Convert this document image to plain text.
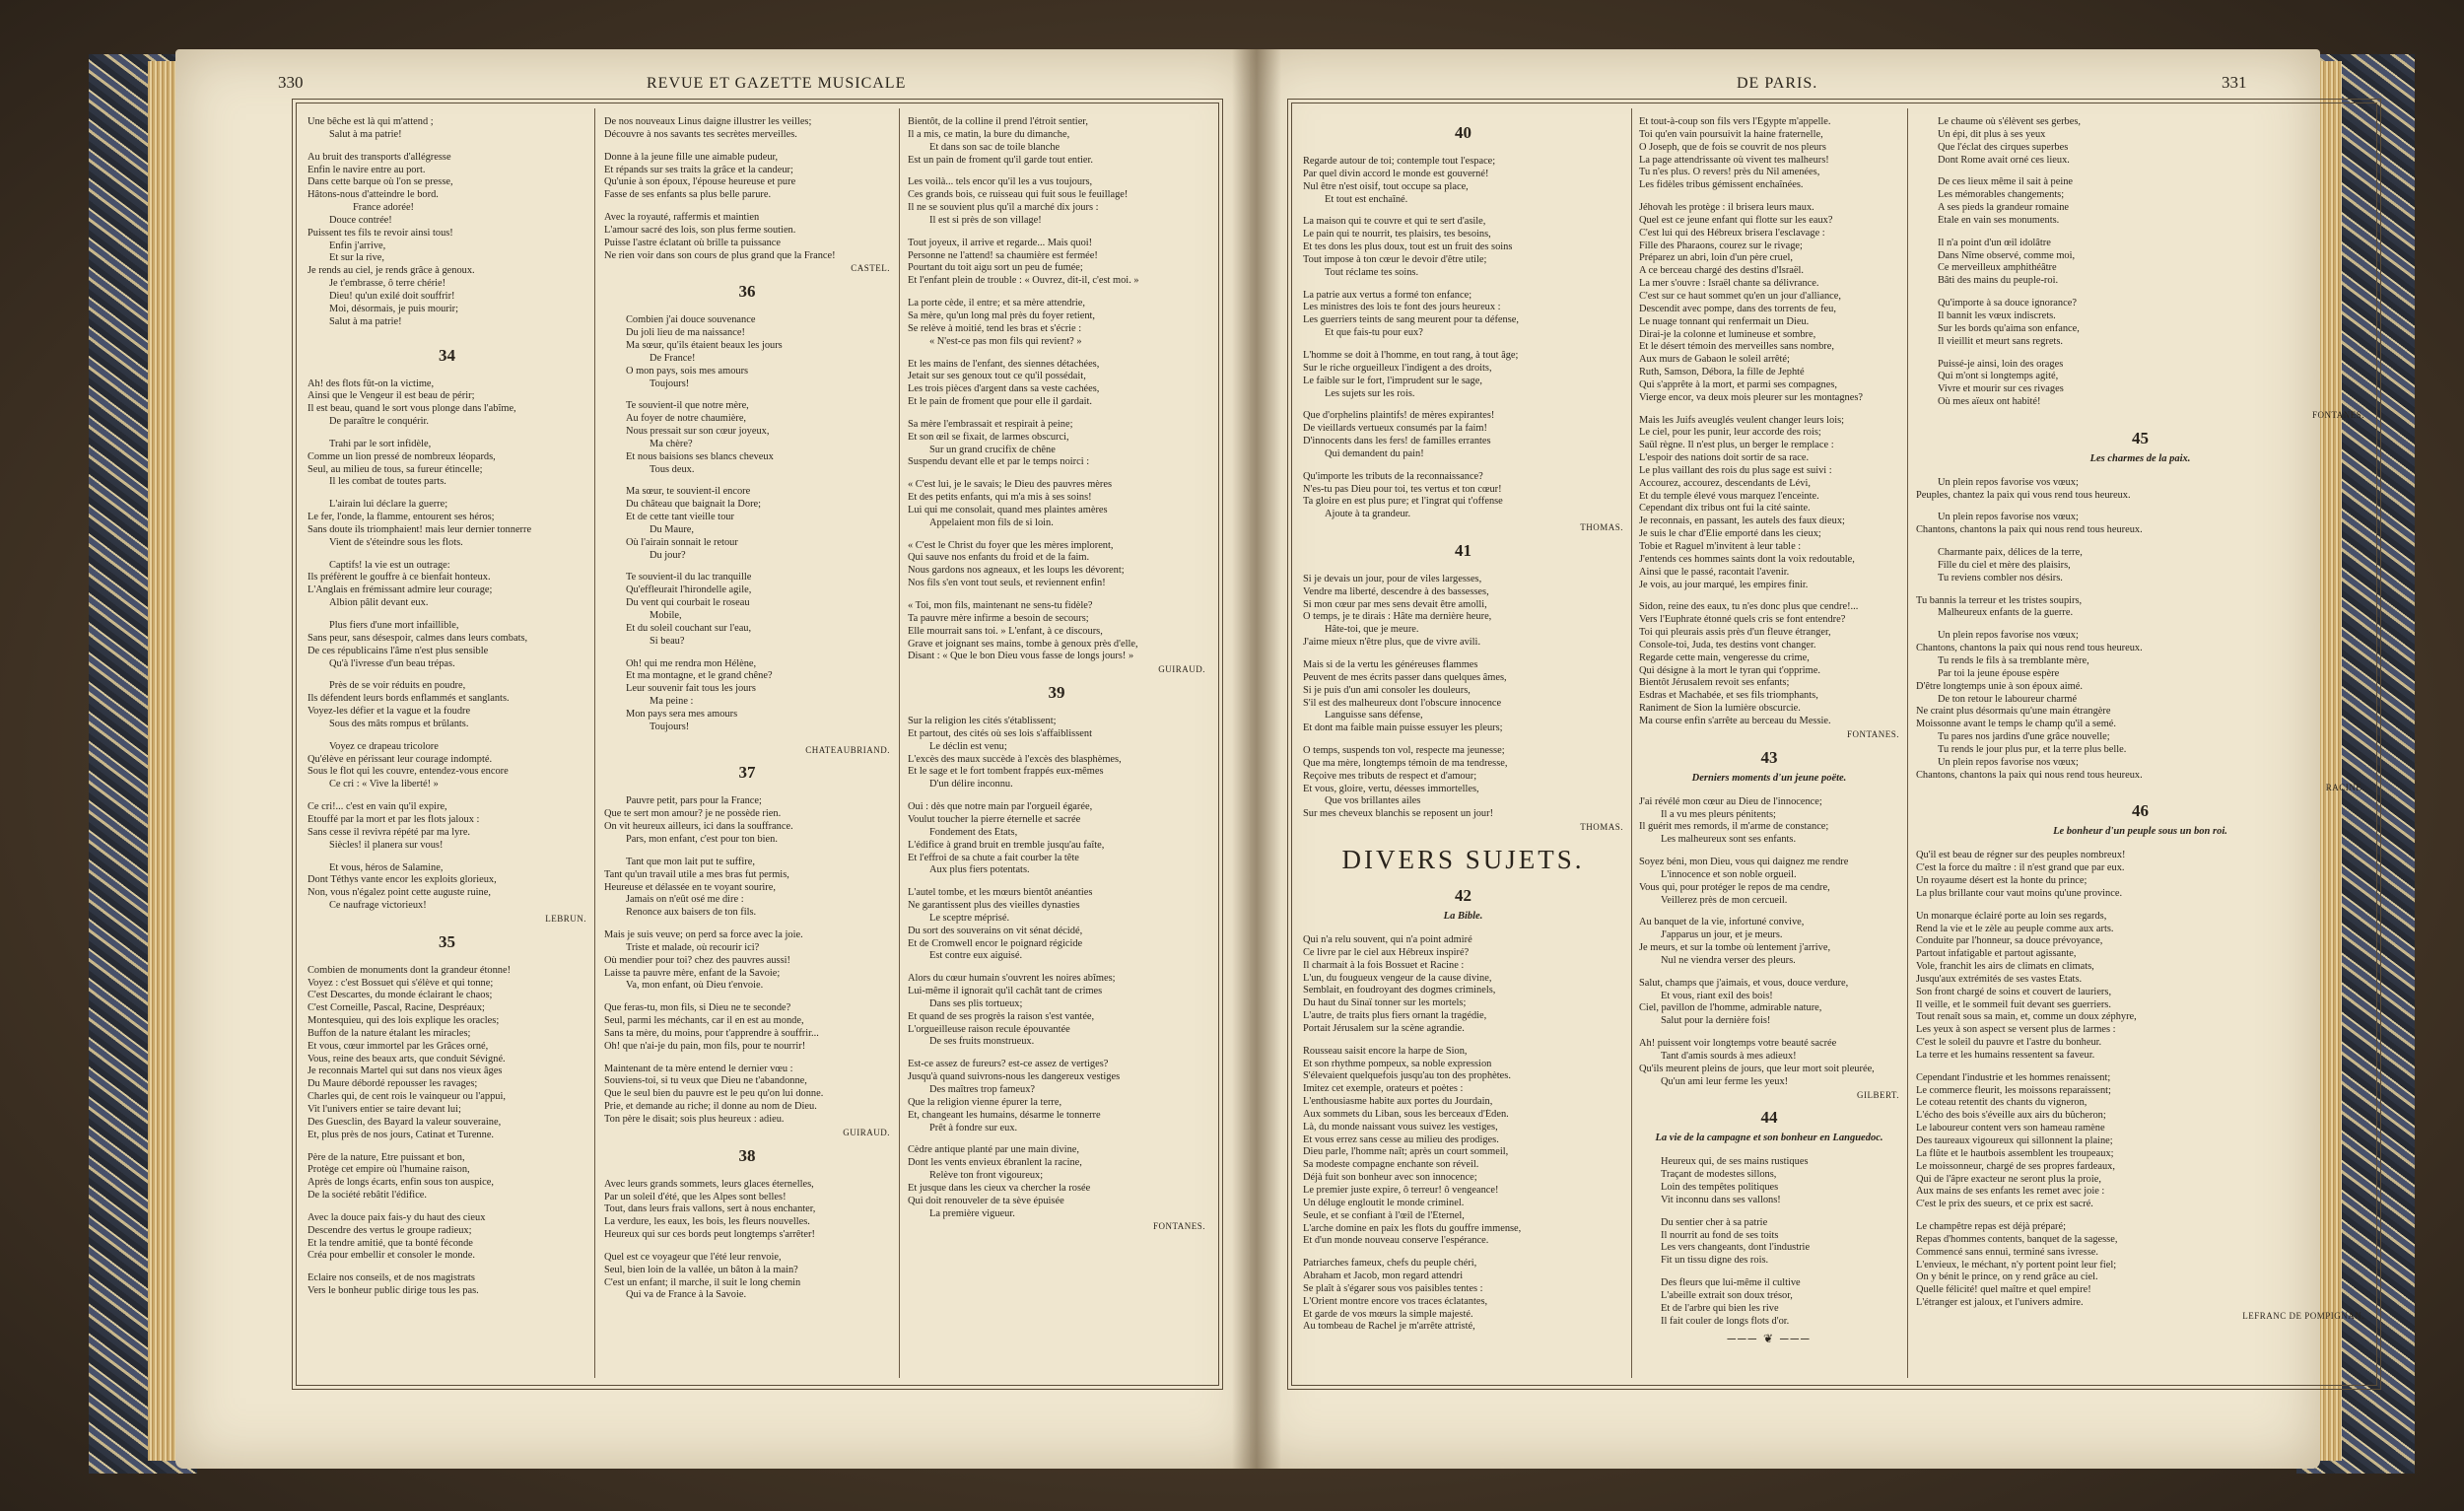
330	REVUE ET GAZETTE MUSICALE	DE PARIS.	331
Une bêche est là qui m'attend ;
Salut à ma patrie!
Au bruit des transports d'allégresse
Enfin le navire entre au port.
Dans cette barque où l'on se presse,
Hâtons-nous d'atteindre le bord.
France adorée!
Douce contrée!
Puissent tes fils te revoir ainsi tous!
Enfin j'arrive,
Et sur la rive,
Je rends au ciel, je rends grâce à genoux.
Je t'embrasse, ô terre chérie!
Dieu! qu'un exilé doit souffrir!
Moi, désormais, je puis mourir;
Salut à ma patrie!
34
Ah! des flots fût-on la victime,
Ainsi que le Vengeur il est beau de périr;
Il est beau, quand le sort vous plonge dans l'abîme,
De paraître le conquérir.
Trahi par le sort infidèle,
Comme un lion pressé de nombreux léopards,
Seul, au milieu de tous, sa fureur étincelle;
Il les combat de toutes parts.
L'airain lui déclare la guerre;
Le fer, l'onde, la flamme, entourent ses héros;
Sans doute ils triomphaient! mais leur dernier tonnerre
Vient de s'éteindre sous les flots.
Captifs! la vie est un outrage:
Ils préfèrent le gouffre à ce bienfait honteux.
L'Anglais en frémissant admire leur courage;
Albion pâlit devant eux.
Plus fiers d'une mort infaillible,
Sans peur, sans désespoir, calmes dans leurs combats,
De ces républicains l'âme n'est plus sensible
Qu'à l'ivresse d'un beau trépas.
Près de se voir réduits en poudre,
Ils défendent leurs bords enflammés et sanglants.
Voyez-les défier et la vague et la foudre
Sous des mâts rompus et brûlants.
Voyez ce drapeau tricolore
Qu'élève en périssant leur courage indompté.
Sous le flot qui les couvre, entendez-vous encore
Ce cri : « Vive la liberté! »
Ce cri!... c'est en vain qu'il expire,
Étouffé par la mort et par les flots jaloux :
Sans cesse il revivra répété par ma lyre.
Siècles! il planera sur vous!
Et vous, héros de Salamine,
Dont Téthys vante encor les exploits glorieux,
Non, vous n'égalez point cette auguste ruine,
Ce naufrage victorieux!
LEBRUN.
35
Combien de monuments dont la grandeur étonne!
Voyez : c'est Bossuet qui s'élève et qui tonne;
C'est Descartes, du monde éclairant le chaos;
C'est Corneille, Pascal, Racine, Despréaux;
Montesquieu, qui des lois explique les oracles;
Buffon de la nature étalant les miracles;
Et vous, cœur immortel par les Grâces orné,
Vous, reine des beaux arts, que conduit Sévigné.
Je reconnais Martel qui sut dans nos vieux âges
Du Maure débordé repousser les ravages;
Charles qui, de cent rois le vainqueur ou l'appui,
Vit l'univers entier se taire devant lui;
Des Guesclin, des Bayard la valeur souveraine,
Et, plus près de nos jours, Catinat et Turenne.
Père de la nature, Être puissant et bon,
Protège cet empire où l'humaine raison,
Après de longs écarts, enfin sous ton auspice,
De la société rebâtit l'édifice.
Avec la douce paix fais-y du haut des cieux
Descendre des vertus le groupe radieux;
Et la tendre amitié, que ta bonté féconde
Créa pour embellir et consoler le monde.
Éclaire nos conseils, et de nos magistrats
Vers le bonheur public dirige tous les pas.
De nos nouveaux Linus daigne illustrer les veilles;
Découvre à nos savants tes secrètes merveilles.
Donne à la jeune fille une aimable pudeur,
Et répands sur ses traits la grâce et la candeur;
Qu'unie à son époux, l'épouse heureuse et pure
Fasse de ses enfants sa plus belle parure.
Avec la royauté, raffermis et maintien
L'amour sacré des lois, son plus ferme soutien.
Puisse l'astre éclatant où brille ta puissance
Ne rien voir dans son cours de plus grand que la France!
CASTEL.
36
Combien j'ai douce souvenance
Du joli lieu de ma naissance!
Ma sœur, qu'ils étaient beaux les jours
De France!
O mon pays, sois mes amours
Toujours!
Te souvient-il que notre mère,
Au foyer de notre chaumière,
Nous pressait sur son cœur joyeux,
Ma chère?
Et nous baisions ses blancs cheveux
Tous deux.
Ma sœur, te souvient-il encore
Du château que baignait la Dore;
Et de cette tant vieille tour
Du Maure,
Où l'airain sonnait le retour
Du jour?
Te souvient-il du lac tranquille
Qu'effleurait l'hirondelle agile,
Du vent qui courbait le roseau
Mobile,
Et du soleil couchant sur l'eau,
Si beau?
Oh! qui me rendra mon Hélène,
Et ma montagne, et le grand chêne?
Leur souvenir fait tous les jours
Ma peine :
Mon pays sera mes amours
Toujours!
CHATEAUBRIAND.
37
Pauvre petit, pars pour la France;
Que te sert mon amour? je ne possède rien.
On vit heureux ailleurs, ici dans la souffrance.
Pars, mon enfant, c'est pour ton bien.
Tant que mon lait put te suffire,
Tant qu'un travail utile a mes bras fut permis,
Heureuse et délassée en te voyant sourire,
Jamais on n'eût osé me dire :
Renonce aux baisers de ton fils.
Mais je suis veuve; on perd sa force avec la joie.
Triste et malade, où recourir ici?
Où mendier pour toi? chez des pauvres aussi!
Laisse ta pauvre mère, enfant de la Savoie;
Va, mon enfant, où Dieu t'envoie.
Que feras-tu, mon fils, si Dieu ne te seconde?
Seul, parmi les méchants, car il en est au monde,
Sans ta mère, du moins, pour t'apprendre à souffrir...
Oh! que n'ai-je du pain, mon fils, pour te nourrir!
Maintenant de ta mère entend le dernier vœu :
Souviens-toi, si tu veux que Dieu ne t'abandonne,
Que le seul bien du pauvre est le peu qu'on lui donne.
Prie, et demande au riche; il donne au nom de Dieu.
Ton père le disait; sois plus heureux : adieu.
GUIRAUD.
38
Avec leurs grands sommets, leurs glaces éternelles,
Par un soleil d'été, que les Alpes sont belles!
Tout, dans leurs frais vallons, sert à nous enchanter,
La verdure, les eaux, les bois, les fleurs nouvelles.
Heureux qui sur ces bords peut longtemps s'arrêter!
Quel est ce voyageur que l'été leur renvoie,
Seul, bien loin de la vallée, un bâton à la main?
C'est un enfant; il marche, il suit le long chemin
Qui va de France à la Savoie.
Bientôt, de la colline il prend l'étroit sentier,
Il a mis, ce matin, la bure du dimanche,
Et dans son sac de toile blanche
Est un pain de froment qu'il garde tout entier.
Les voilà... tels encor qu'il les a vus toujours,
Ces grands bois, ce ruisseau qui fuit sous le feuillage!
Il ne se souvient plus qu'il a marché dix jours :
Il est si près de son village!
Tout joyeux, il arrive et regarde... Mais quoi!
Personne ne l'attend! sa chaumière est fermée!
Pourtant du toit aigu sort un peu de fumée;
Et l'enfant plein de trouble : « Ouvrez, dit-il, c'est moi. »
La porte cède, il entre; et sa mère attendrie,
Sa mère, qu'un long mal près du foyer retient,
Se relève à moitié, tend les bras et s'écrie :
« N'est-ce pas mon fils qui revient? »
Et les mains de l'enfant, des siennes détachées,
Jetait sur ses genoux tout ce qu'il possédait,
Les trois pièces d'argent dans sa veste cachées,
Et le pain de froment que pour elle il gardait.
Sa mère l'embrassait et respirait à peine;
Et son œil se fixait, de larmes obscurci,
Sur un grand crucifix de chêne
Suspendu devant elle et par le temps noirci :
« C'est lui, je le savais; le Dieu des pauvres mères
Et des petits enfants, qui m'a mis à ses soins!
Lui qui me consolait, quand mes plaintes amères
Appelaient mon fils de si loin.
« C'est le Christ du foyer que les mères implorent,
Qui sauve nos enfants du froid et de la faim.
Nous gardons nos agneaux, et les loups les dévorent;
Nos fils s'en vont tout seuls, et reviennent enfin!
« Toi, mon fils, maintenant ne sens-tu fidèle?
Ta pauvre mère infirme a besoin de secours;
Elle mourrait sans toi. » L'enfant, à ce discours,
Grave et joignant ses mains, tombe à genoux près d'elle,
Disant : « Que le bon Dieu vous fasse de longs jours! »
GUIRAUD.
39
Sur la religion les cités s'établissent;
Et partout, des cités où ses lois s'affaiblissent
Le déclin est venu;
L'excès des maux succède à l'excès des blasphèmes,
Et le sage et le fort tombent frappés eux-mêmes
D'un délire inconnu.
Oui : dès que notre main par l'orgueil égarée,
Voulut toucher la pierre éternelle et sacrée
Fondement des États,
L'édifice à grand bruit en tremble jusqu'au faîte,
Et l'effroi de sa chute a fait courber la tête
Aux plus fiers potentats.
L'autel tombe, et les mœurs bientôt anéanties
Ne garantissent plus des vieilles dynasties
Le sceptre méprisé.
Du sort des souverains on vit sénat décidé,
Et de Cromwell encor le poignard régicide
Est contre eux aiguisé.
Alors du cœur humain s'ouvrent les noires abîmes;
Lui-même il ignorait qu'il cachât tant de crimes
Dans ses plis tortueux;
Et quand de ses progrès la raison s'est vantée,
L'orgueilleuse raison recule épouvantée
De ses fruits monstrueux.
Est-ce assez de fureurs? est-ce assez de vertiges?
Jusqu'à quand suivrons-nous les dangereux vestiges
Des maîtres trop fameux?
Que la religion vienne épurer la terre,
Et, changeant les humains, désarme le tonnerre
Prêt à fondre sur eux.
Cèdre antique planté par une main divine,
Dont les vents envieux ébranlent la racine,
Relève ton front vigoureux;
Et jusque dans les cieux va chercher la rosée
Qui doit renouveler de ta sève épuisée
La première vigueur.
FONTANES.
40
Regarde autour de toi; contemple tout l'espace;
Par quel divin accord le monde est gouverné!
Nul être n'est oisif, tout occupe sa place,
Et tout est enchaîné.
La maison qui te couvre et qui te sert d'asile,
Le pain qui te nourrit, tes plaisirs, tes besoins,
Et tes dons les plus doux, tout est un fruit des soins
Tout impose à ton cœur le devoir d'être utile;
Tout réclame tes soins.
La patrie aux vertus a formé ton enfance;
Les ministres des lois te font des jours heureux :
Les guerriers teints de sang meurent pour ta défense,
Et que fais-tu pour eux?
L'homme se doit à l'homme, en tout rang, à tout âge;
Sur le riche orgueilleux l'indigent a des droits,
Le faible sur le fort, l'imprudent sur le sage,
Les sujets sur les rois.
Que d'orphelins plaintifs! de mères expirantes!
De vieillards vertueux consumés par la faim!
D'innocents dans les fers! de familles errantes
Qui demandent du pain!
Qu'importe les tributs de la reconnaissance?
N'es-tu pas Dieu pour toi, tes vertus et ton cœur!
Ta gloire en est plus pure; et l'ingrat qui t'offense
Ajoute à ta grandeur.
THOMAS.
41
Si je devais un jour, pour de viles largesses,
Vendre ma liberté, descendre à des bassesses,
Si mon cœur par mes sens devait être amolli,
O temps, je te dirais : Hâte ma dernière heure,
Hâte-toi, que je meure.
J'aime mieux n'être plus, que de vivre avili.
Mais si de la vertu les généreuses flammes
Peuvent de mes écrits passer dans quelques âmes,
Si je puis d'un ami consoler les douleurs,
S'il est des malheureux dont l'obscure innocence
Languisse sans défense,
Et dont ma faible main puisse essuyer les pleurs;
O temps, suspends ton vol, respecte ma jeunesse;
Que ma mère, longtemps témoin de ma tendresse,
Reçoive mes tributs de respect et d'amour;
Et vous, gloire, vertu, déesses immortelles,
Que vos brillantes ailes
Sur mes cheveux blanchis se reposent un jour!
THOMAS.
DIVERS SUJETS.
42
La Bible.
Qui n'a relu souvent, qui n'a point admiré
Ce livre par le ciel aux Hébreux inspiré?
Il charmait à la fois Bossuet et Racine :
L'un, du fougueux vengeur de la cause divine,
Semblait, en foudroyant des dogmes criminels,
Du haut du Sinaï tonner sur les mortels;
L'autre, de traits plus fiers ornant la tragédie,
Portait Jérusalem sur la scène agrandie.
Rousseau saisit encore la harpe de Sion,
Et son rhythme pompeux, sa noble expression
S'élevaient quelquefois jusqu'au ton des prophètes.
Imitez cet exemple, orateurs et poètes :
L'enthousiasme habite aux portes du Jourdain,
Aux sommets du Liban, sous les berceaux d'Éden.
Là, du monde naissant vous suivez les vestiges,
Et vous errez sans cesse au milieu des prodiges.
Dieu parle, l'homme naît; après un court sommeil,
Sa modeste compagne enchante son réveil.
Déjà fuit son bonheur avec son innocence;
Le premier juste expire, ô terreur! ô vengeance!
Un déluge engloutit le monde criminel.
Seule, et se confiant à l'œil de l'Éternel,
L'arche domine en paix les flots du gouffre immense,
Et d'un monde nouveau conserve l'espérance.
Patriarches fameux, chefs du peuple chéri,
Abraham et Jacob, mon regard attendri
Se plaît à s'égarer sous vos paisibles tentes :
L'Orient montre encore vos traces éclatantes,
Et garde de vos mœurs la simple majesté.
Au tombeau de Rachel je m'arrête attristé,
Et tout-à-coup son fils vers l'Égypte m'appelle.
Toi qu'en vain poursuivit la haine fraternelle,
O Joseph, que de fois se couvrit de nos pleurs
La page attendrissante où vivent tes malheurs!
Tu n'es plus. O revers! près du Nil amenées,
Les fidèles tribus gémissent enchaînées.
Jéhovah les protège : il brisera leurs maux.
Quel est ce jeune enfant qui flotte sur les eaux?
C'est lui qui des Hébreux brisera l'esclavage :
Fille des Pharaons, courez sur le rivage;
Préparez un abri, loin d'un père cruel,
A ce berceau chargé des destins d'Israël.
La mer s'ouvre : Israël chante sa délivrance.
C'est sur ce haut sommet qu'en un jour d'alliance,
Descendit avec pompe, dans des torrents de feu,
Le nuage tonnant qui renfermait un Dieu.
Dirai-je la colonne et lumineuse et sombre,
Et le désert témoin des merveilles sans nombre,
Aux murs de Gabaon le soleil arrêté;
Ruth, Samson, Débora, la fille de Jephté
Qui s'apprête à la mort, et parmi ses compagnes,
Vierge encor, va deux mois pleurer sur les montagnes?
Mais les Juifs aveuglés veulent changer leurs lois;
Le ciel, pour les punir, leur accorde des rois;
Saül règne. Il n'est plus, un berger le remplace :
L'espoir des nations doit sortir de sa race.
Le plus vaillant des rois du plus sage est suivi :
Accourez, accourez, descendants de Lévi,
Et du temple élevé vous marquez l'enceinte.
Cependant dix tribus ont fui la cité sainte.
Je reconnais, en passant, les autels des faux dieux;
Je suis le char d'Élie emporté dans les cieux;
Tobie et Raguel m'invitent à leur table :
J'entends ces hommes saints dont la voix redoutable,
Ainsi que le passé, racontait l'avenir.
Je vois, au jour marqué, les empires finir.
Sidon, reine des eaux, tu n'es donc plus que cendre!...
Vers l'Euphrate étonné quels cris se font entendre?
Toi qui pleurais assis près d'un fleuve étranger,
Console-toi, Juda, tes destins vont changer.
Regarde cette main, vengeresse du crime,
Qui désigne à la mort le tyran qui t'opprime.
Bientôt Jérusalem revoit ses enfants;
Esdras et Machabée, et ses fils triomphants,
Raniment de Sion la lumière obscurcie.
Ma course enfin s'arrête au berceau du Messie.
FONTANES.
43
Derniers moments d'un jeune poëte.
J'ai révélé mon cœur au Dieu de l'innocence;
Il a vu mes pleurs pénitents;
Il guérit mes remords, il m'arme de constance;
Les malheureux sont ses enfants.
Soyez béni, mon Dieu, vous qui daignez me rendre
L'innocence et son noble orgueil.
Vous qui, pour protéger le repos de ma cendre,
Veillerez près de mon cercueil.
Au banquet de la vie, infortuné convive,
J'apparus un jour, et je meurs.
Je meurs, et sur la tombe où lentement j'arrive,
Nul ne viendra verser des pleurs.
Salut, champs que j'aimais, et vous, douce verdure,
Et vous, riant exil des bois!
Ciel, pavillon de l'homme, admirable nature,
Salut pour la dernière fois!
Ah! puissent voir longtemps votre beauté sacrée
Tant d'amis sourds à mes adieux!
Qu'ils meurent pleins de jours, que leur mort soit pleurée,
Qu'un ami leur ferme les yeux!
GILBERT.
44
La vie de la campagne et son bonheur en Languedoc.
Heureux qui, de ses mains rustiques
Traçant de modestes sillons,
Loin des tempêtes politiques
Vit inconnu dans ses vallons!
Du sentier cher à sa patrie
Il nourrit au fond de ses toits
Les vers changeants, dont l'industrie
Fit un tissu digne des rois.
Des fleurs que lui-même il cultive
L'abeille extrait son doux trésor,
Et de l'arbre qui bien les rive
Il fait couler de longs flots d'or.
─── ❦ ───
Le chaume où s'élèvent ses gerbes,
Un épi, dit plus à ses yeux
Que l'éclat des cirques superbes
Dont Rome avait orné ces lieux.
De ces lieux même il sait à peine
Les mémorables changements;
A ses pieds la grandeur romaine
Étale en vain ses monuments.
Il n'a point d'un œil idolâtre
Dans Nîme observé, comme moi,
Ce merveilleux amphithéâtre
Bâti des mains du peuple-roi.
Qu'importe à sa douce ignorance?
Il bannit les vœux indiscrets.
Sur les bords qu'aima son enfance,
Il vieillit et meurt sans regrets.
Puissé-je ainsi, loin des orages
Qui m'ont si longtemps agité,
Vivre et mourir sur ces rivages
Où mes aïeux ont habité!
FONTANES.
45
Les charmes de la paix.
Un plein repos favorise vos vœux;
Peuples, chantez la paix qui vous rend tous heureux.
Un plein repos favorise nos vœux;
Chantons, chantons la paix qui nous rend tous heureux.
Charmante paix, délices de la terre,
Fille du ciel et mère des plaisirs,
Tu reviens combler nos désirs.
Tu bannis la terreur et les tristes soupirs,
Malheureux enfants de la guerre.
Un plein repos favorise nos vœux;
Chantons, chantons la paix qui nous rend tous heureux.
Tu rends le fils à sa tremblante mère,
Par toi la jeune épouse espère
D'être longtemps unie à son époux aimé.
De ton retour le laboureur charmé
Ne craint plus désormais qu'une main étrangère
Moissonne avant le temps le champ qu'il a semé.
Tu pares nos jardins d'une grâce nouvelle;
Tu rends le jour plus pur, et la terre plus belle.
Un plein repos favorise nos vœux;
Chantons, chantons la paix qui nous rend tous heureux.
RACINE.
46
Le bonheur d'un peuple sous un bon roi.
Qu'il est beau de régner sur des peuples nombreux!
C'est la force du maître : il n'est grand que par eux.
Un royaume désert est la honte du prince;
La plus brillante cour vaut moins qu'une province.
Un monarque éclairé porte au loin ses regards,
Rend la vie et le zèle au peuple comme aux arts.
Conduite par l'honneur, sa douce prévoyance,
Partout infatigable et partout agissante,
Vole, franchit les airs de climats en climats,
Jusqu'aux extrémités de ses vastes États.
Son front chargé de soins et couvert de lauriers,
Il veille, et le sommeil fuit devant ses guerriers.
Tout renaît sous sa main, et, comme un doux zéphyre,
Les yeux à son aspect se versent plus de larmes :
C'est le soleil du pauvre et l'astre du bonheur.
La terre et les humains ressentent sa faveur.
Cependant l'industrie et les hommes renaissent;
Le commerce fleurit, les moissons reparaissent;
Le coteau retentit des chants du vigneron,
L'écho des bois s'éveille aux airs du bûcheron;
Le laboureur content vers son hameau ramène
Des taureaux vigoureux qui sillonnent la plaine;
La flûte et le hautbois assemblent les troupeaux;
Le moissonneur, chargé de ses propres fardeaux,
Qui de l'âpre exacteur ne seront plus la proie,
Aux mains de ses enfants les remet avec joie :
C'est le prix des sueurs, et ce prix est sacré.
Le champêtre repas est déjà préparé;
Repas d'hommes contents, banquet de la sagesse,
Commencé sans ennui, terminé sans ivresse.
L'envieux, le méchant, n'y portent point leur fiel;
On y bénit le prince, on y rend grâce au ciel.
Quelle félicité! quel maître et quel empire!
L'étranger est jaloux, et l'univers admire.
LEFRANC DE POMPIGNAN.
